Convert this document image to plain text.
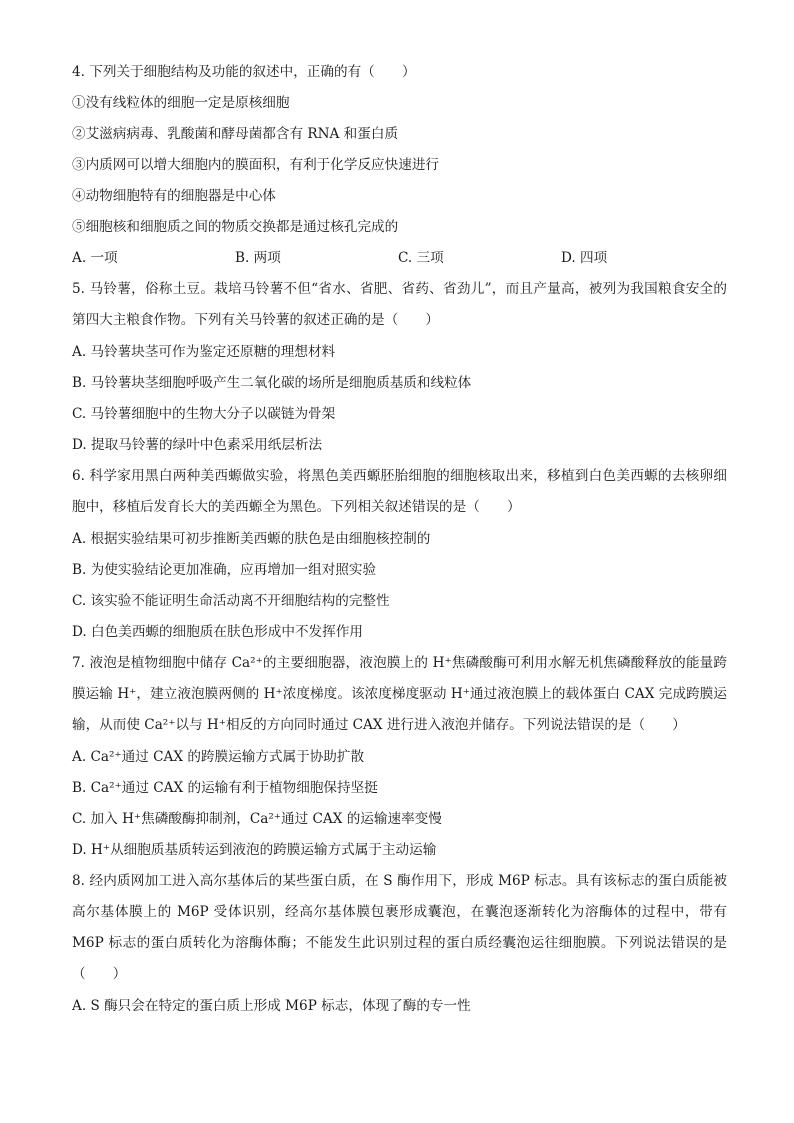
4. 下列关于细胞结构及功能的叙述中，正确的有（　　）
①没有线粒体的细胞一定是原核细胞
②艾滋病病毒、乳酸菌和酵母菌都含有 RNA 和蛋白质
③内质网可以增大细胞内的膜面积，有利于化学反应快速进行
④动物细胞特有的细胞器是中心体
⑤细胞核和细胞质之间的物质交换都是通过核孔完成的
A. 一项	B. 两项	C. 三项	D. 四项
5. 马铃薯，俗称土豆。栽培马铃薯不但“省水、省肥、省药、省劲儿”，而且产量高，被列为我国粮食安全的第四大主粮食作物。下列有关马铃薯的叙述正确的是（　　）
A. 马铃薯块茎可作为鉴定还原糖的理想材料
B. 马铃薯块茎细胞呼吸产生二氧化碳的场所是细胞质基质和线粒体
C. 马铃薯细胞中的生物大分子以碳链为骨架
D. 提取马铃薯的绿叶中色素采用纸层析法
6. 科学家用黑白两种美西螈做实验，将黑色美西螈胚胎细胞的细胞核取出来，移植到白色美西螈的去核卵细胞中，移植后发育长大的美西螈全为黑色。下列相关叙述错误的是（　　）
A. 根据实验结果可初步推断美西螈的肤色是由细胞核控制的
B. 为使实验结论更加准确，应再增加一组对照实验
C. 该实验不能证明生命活动离不开细胞结构的完整性
D. 白色美西螈的细胞质在肤色形成中不发挥作用
7. 液泡是植物细胞中储存 Ca²⁺的主要细胞器，液泡膜上的 H⁺焦磷酸酶可利用水解无机焦磷酸释放的能量跨膜运输 H⁺，建立液泡膜两侧的 H⁺浓度梯度。该浓度梯度驱动 H⁺通过液泡膜上的载体蛋白 CAX 完成跨膜运输，从而使 Ca²⁺以与 H⁺相反的方向同时通过 CAX 进行进入液泡并储存。下列说法错误的是（　　）
A. Ca²⁺通过 CAX 的跨膜运输方式属于协助扩散
B. Ca²⁺通过 CAX 的运输有利于植物细胞保持坚挺
C. 加入 H⁺焦磷酸酶抑制剂，Ca²⁺通过 CAX 的运输速率变慢
D. H⁺从细胞质基质转运到液泡的跨膜运输方式属于主动运输
8. 经内质网加工进入高尔基体后的某些蛋白质，在 S 酶作用下，形成 M6P 标志。具有该标志的蛋白质能被高尔基体膜上的 M6P 受体识别，经高尔基体膜包裹形成囊泡，在囊泡逐渐转化为溶酶体的过程中，带有 M6P 标志的蛋白质转化为溶酶体酶；不能发生此识别过程的蛋白质经囊泡运往细胞膜。下列说法错误的是（　　）
A. S 酶只会在特定的蛋白质上形成 M6P 标志，体现了酶的专一性
